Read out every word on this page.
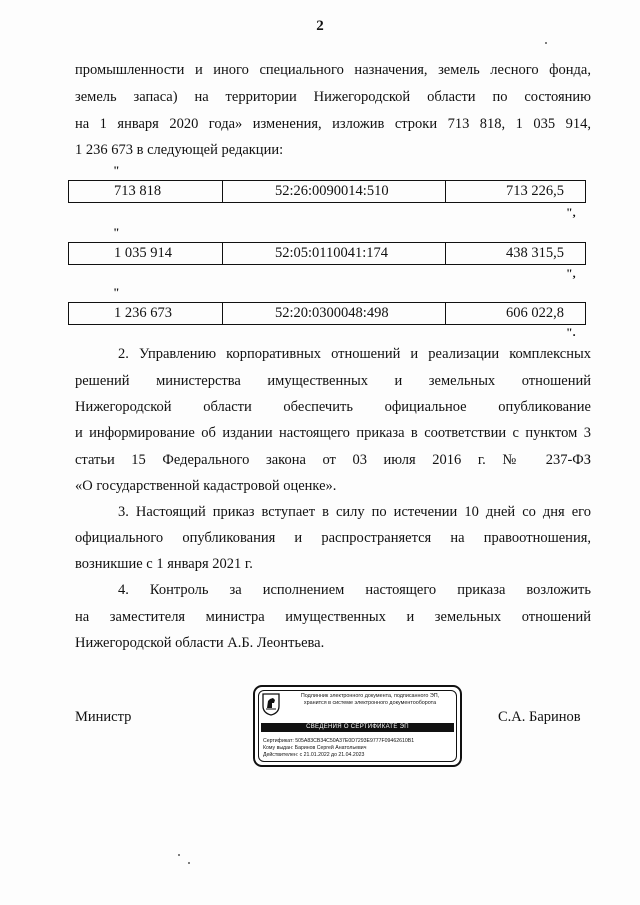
2
промышленности и иного специального назначения, земель лесного фонда,
земель запаса) на территории Нижегородской области по состоянию
на 1 января 2020 года» изменения, изложив строки 713 818, 1 035 914,
1 236 673 в следующей редакции:
"
713 818	52:26:0090014:510	713 226,5
",
"
1 035 914	52:05:0110041:174	438 315,5
",
"
1 236 673	52:20:0300048:498	606 022,8
".
2. Управлению корпоративных отношений и реализации комплексных
решений министерства имущественных и земельных отношений
Нижегородской области обеспечить официальное опубликование
и информирование об издании настоящего приказа в соответствии с пунктом 3
статьи 15 Федерального закона от 03 июля 2016 г. № 237-ФЗ
«О государственной кадастровой оценке».
3. Настоящий приказ вступает в силу по истечении 10 дней со дня его
официального опубликования и распространяется на правоотношения,
возникшие с 1 января 2021 г.
4. Контроль за исполнением настоящего приказа возложить
на заместителя министра имущественных и земельных отношений
Нижегородской области А.Б. Леонтьева.
Министр	С.А. Баринов
Подлинник электронного документа, подписанного ЭП,
хранится в системе электронного документооборота
СВЕДЕНИЯ О СЕРТИФИКАТЕ ЭП
Сертификат: 505A83CB34C50A37E0D7293E9777F09462610B1
Кому выдан: Баринов Сергей Анатольевич
Действителен: с 21.01.2022 до 21.04.2023
